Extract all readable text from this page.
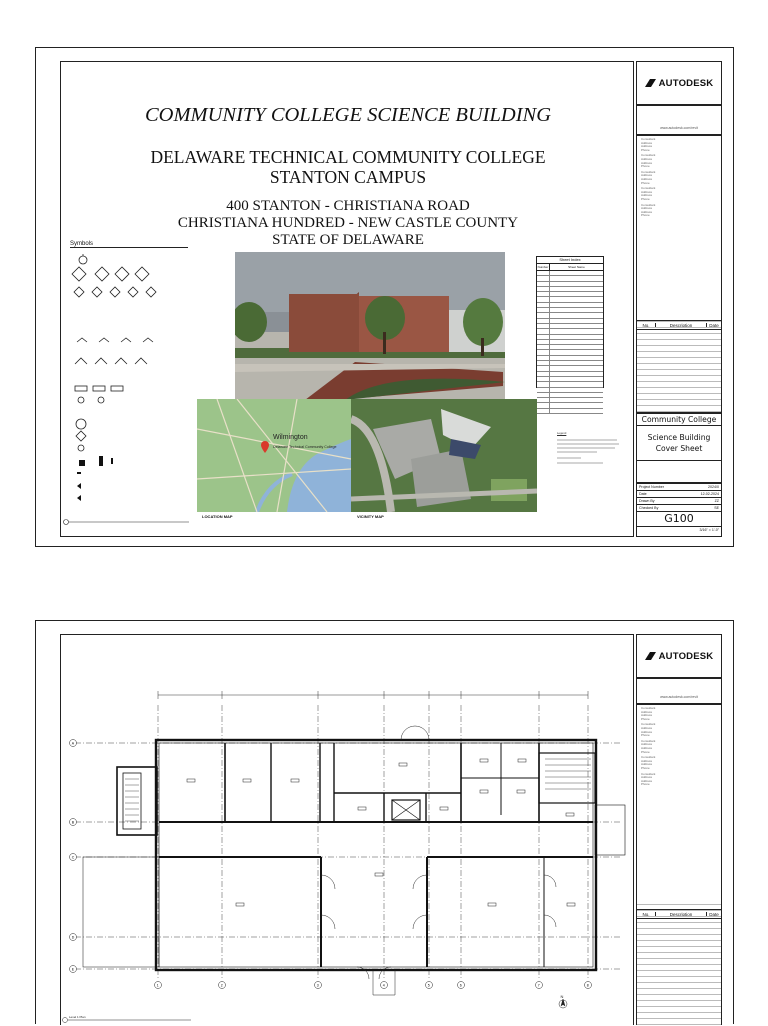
COMMUNITY COLLEGE SCIENCE BUILDING
DELAWARE TECHNICAL COMMUNITY COLLEGE
STANTON CAMPUS
400 STANTON - CHRISTIANA ROAD
CHRISTIANA HUNDRED - NEW CASTLE COUNTY
STATE OF DELAWARE
Symbols
Wilmington
Delaware Technical Community College
LOCATION MAP	VICINITY MAP
Sheet Index
Number	Sheet Name
Legend
AUTODESK
www.autodesk.com/revit
Consultant
Address
Address
Phone
Consultant
Address
Address
Phone
Consultant
Address
Address
Phone
Consultant
Address
Address
Phone
Consultant
Address
Address
Phone
No.	Description	Date
Community College
Science Building
Cover Sheet
Project Number	2024/0
Date	12-02-2024
Drawn By	ZZ
Checked By	SE
G100
3/16" = 1'-0"
N
Level 1 Plan
1	2	3	4	5	6	7	8
A
B
C
D
E
AUTODESK
www.autodesk.com/revit
Consultant
Address
Address
Phone
Consultant
Address
Address
Phone
Consultant
Address
Address
Phone
Consultant
Address
Address
Phone
Consultant
Address
Address
Phone
No.	Description	Date
